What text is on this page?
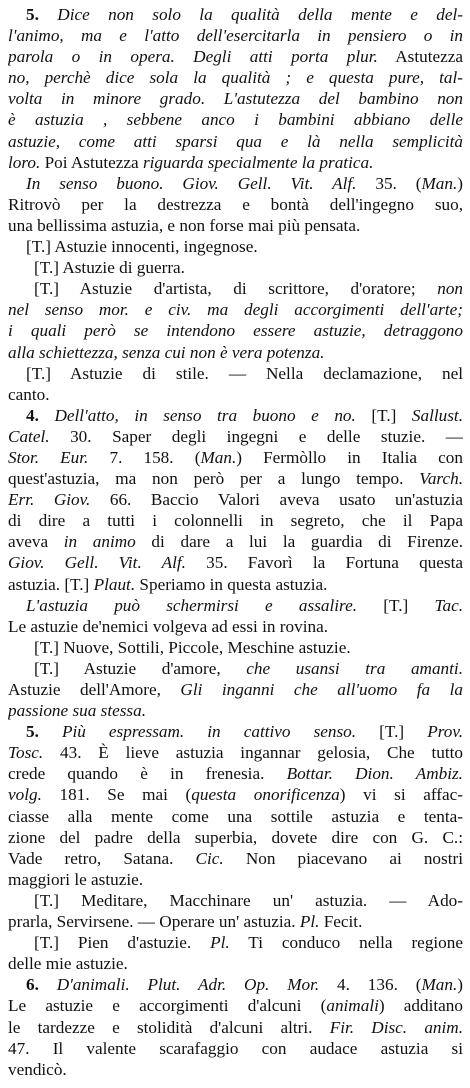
5. Dice non solo la qualità della mente e del-
l'animo, ma e l'atto dell'esercitarla in pensiero o in
parola o in opera. Degli atti porta plur. Astutezza
no, perchè dice sola la qualità ; e questa pure, tal-
volta in minore grado. L'astutezza del bambino non
è astuzia , sebbene anco i bambini abbiano delle
astuzie, come atti sparsi qua e là nella semplicità
loro. Poi Astutezza riguarda specialmente la pratica.
In senso buono. Giov. Gell. Vit. Alf. 35. (Man.)
Ritrovò per la destrezza e bontà dell'ingegno suo,
una bellissima astuzia, e non forse mai più pensata.
[T.] Astuzie innocenti, ingegnose.
[T.] Astuzie di guerra.
[T.] Astuzie d'artista, di scrittore, d'oratore; non
nel senso mor. e civ. ma degli accorgimenti dell'arte;
i quali però se intendono essere astuzie, detraggono
alla schiettezza, senza cui non è vera potenza.
[T.] Astuzie di stile. — Nella declamazione, nel
canto.
4. Dell'atto, in senso tra buono e no. [T.] Sallust.
Catel. 30. Saper degli ingegni e delle stuzie. —
Stor. Eur. 7. 158. (Man.) Fermòllo in Italia con
quest'astuzia, ma non però per a lungo tempo. Varch.
Err. Giov. 66. Baccio Valori aveva usato un'astuzia
di dire a tutti i colonnelli in segreto, che il Papa
aveva in animo di dare a lui la guardia di Firenze.
Giov. Gell. Vit. Alf. 35. Favorì la Fortuna questa
astuzia. [T.] Plaut. Speriamo in questa astuzia.
L'astuzia può schermirsi e assalire. [T.] Tac.
Le astuzie de'nemici volgeva ad essi in rovina.
[T.] Nuove, Sottili, Piccole, Meschine astuzie.
[T.] Astuzie d'amore, che usansi tra amanti.
Astuzie dell'Amore, Gli inganni che all'uomo fa la
passione sua stessa.
5. Più espressam. in cattivo senso. [T.] Prov.
Tosc. 43. È lieve astuzia ingannar gelosia, Che tutto
crede quando è in frenesia. Bottar. Dion. Ambiz.
volg. 181. Se mai (questa onorificenza) vi si affac-
ciasse alla mente come una sottile astuzia e tenta-
zione del padre della superbia, dovete dire con G. C.:
Vade retro, Satana. Cic. Non piacevano ai nostri
maggiori le astuzie.
[T.] Meditare, Macchinare un' astuzia. — Ado-
prarla, Servirsene. — Operare un' astuzia. Pl. Fecit.
[T.] Pien d'astuzie. Pl. Ti conduco nella regione
delle mie astuzie.
6. D'animali. Plut. Adr. Op. Mor. 4. 136. (Man.)
Le astuzie e accorgimenti d'alcuni (animali) additano
le tardezze e stolidità d'alcuni altri. Fir. Disc. anim.
47. Il valente scarafaggio con audace astuzia si
vendicò.
